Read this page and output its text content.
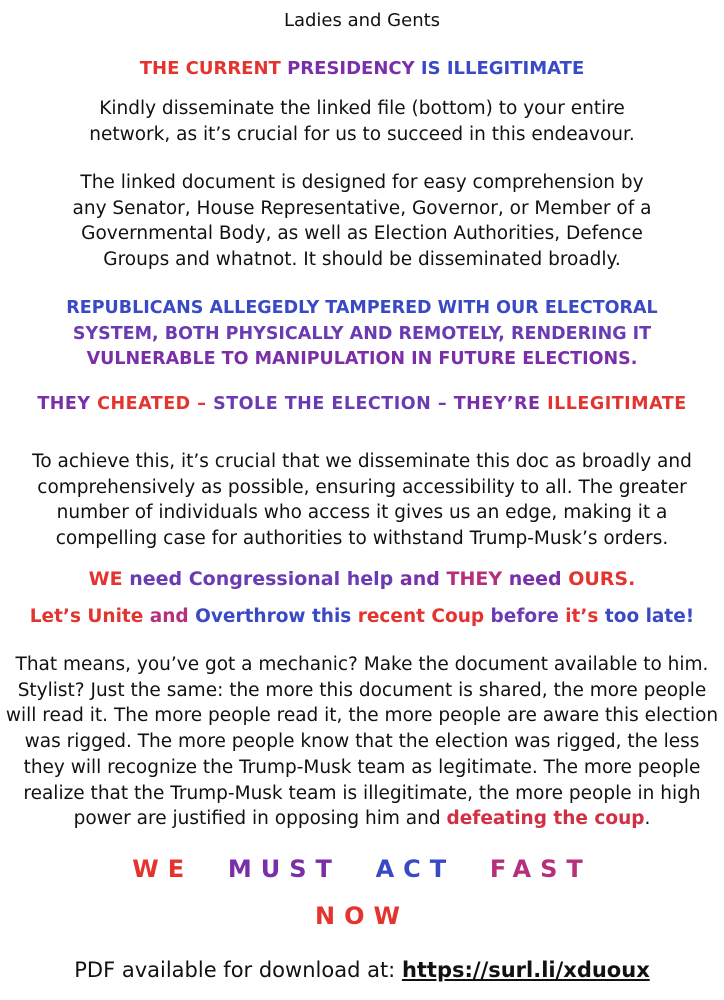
Ladies and Gents
THE CURRENT PRESIDENCY IS ILLEGITIMATE
Kindly disseminate the linked file (bottom) to your entire
network, as it’s crucial for us to succeed in this endeavour.
The linked document is designed for easy comprehension by
any Senator, House Representative, Governor, or Member of a
Governmental Body, as well as Election Authorities, Defence
Groups and whatnot. It should be disseminated broadly.
REPUBLICANS ALLEGEDLY TAMPERED WITH OUR ELECTORAL
SYSTEM, BOTH PHYSICALLY AND REMOTELY, RENDERING IT
VULNERABLE TO MANIPULATION IN FUTURE ELECTIONS.
THEY CHEATED – STOLE THE ELECTION – THEY’RE ILLEGITIMATE
To achieve this, it’s crucial that we disseminate this doc as broadly and
comprehensively as possible, ensuring accessibility to all. The greater
number of individuals who access it gives us an edge, making it a
compelling case for authorities to withstand Trump-Musk’s orders.
WE need Congressional help and THEY need OURS.
Let’s Unite and Overthrow this recent Coup before it’s too late!
That means, you’ve got a mechanic? Make the document available to him.
Stylist? Just the same: the more this document is shared, the more people
will read it. The more people read it, the more people are aware this election
was rigged. The more people know that the election was rigged, the less
they will recognize the Trump-Musk team as legitimate. The more people
realize that the Trump-Musk team is illegitimate, the more people in high
power are justified in opposing him and defeating the coup.
WE MUST ACT FAST
NOW
PDF available for download at: https://surl.li/xduoux
